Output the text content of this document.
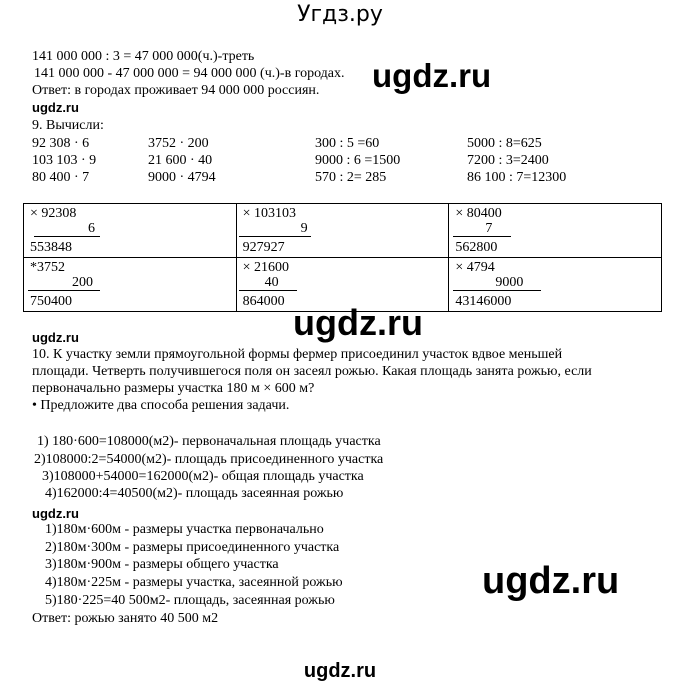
Угдз.ру
141 000 000 : 3 = 47 000 000(ч.)-треть
141 000 000 - 47 000 000 = 94 000 000 (ч.)-в городах. ugdz.ru
Ответ: в городах проживает 94 000 000 россиян.
ugdz.ru
9. Вычисли:
92 308 · 6	3752 · 200	300 : 5 =60	5000 : 8=625
103 103 · 9	21 600 · 40	9000 : 6 =1500	7200 : 3=2400
80 400 · 7	9000 · 4794	570 : 2= 285	86 100 : 7=12300
× 92308
6
553848	× 103103
9
927927	× 80400
7
562800

*3752
200
750400	× 21600
40
864000	× 4794
9000
43146000
ugdz.ru	ugdz.ru
10. К участку земли прямоугольной формы фермер присоединил участок вдвое меньшей
площади. Четверть получившегося поля он засеял рожью. Какая площадь занята рожью, если
первоначально размеры участка 180 м × 600 м?
• Предложите два способа решения задачи.
1) 180·600=108000(м2)- первоначальная площадь участка
2)108000:2=54000(м2)- площадь присоединенного участка
3)108000+54000=162000(м2)- общая площадь участка
4)162000:4=40500(м2)- площадь засеянная рожью
ugdz.ru
1)180м·600м - размеры участка первоначально
2)180м·300м - размеры присоединенного участка
3)180м·900м - размеры общего участка
4)180м·225м - размеры участка, засеянной рожью
5)180·225=40 500м2- площадь, засеянная рожью
Ответ: рожью занято 40 500 м2
ugdz.ru
ugdz.ru
